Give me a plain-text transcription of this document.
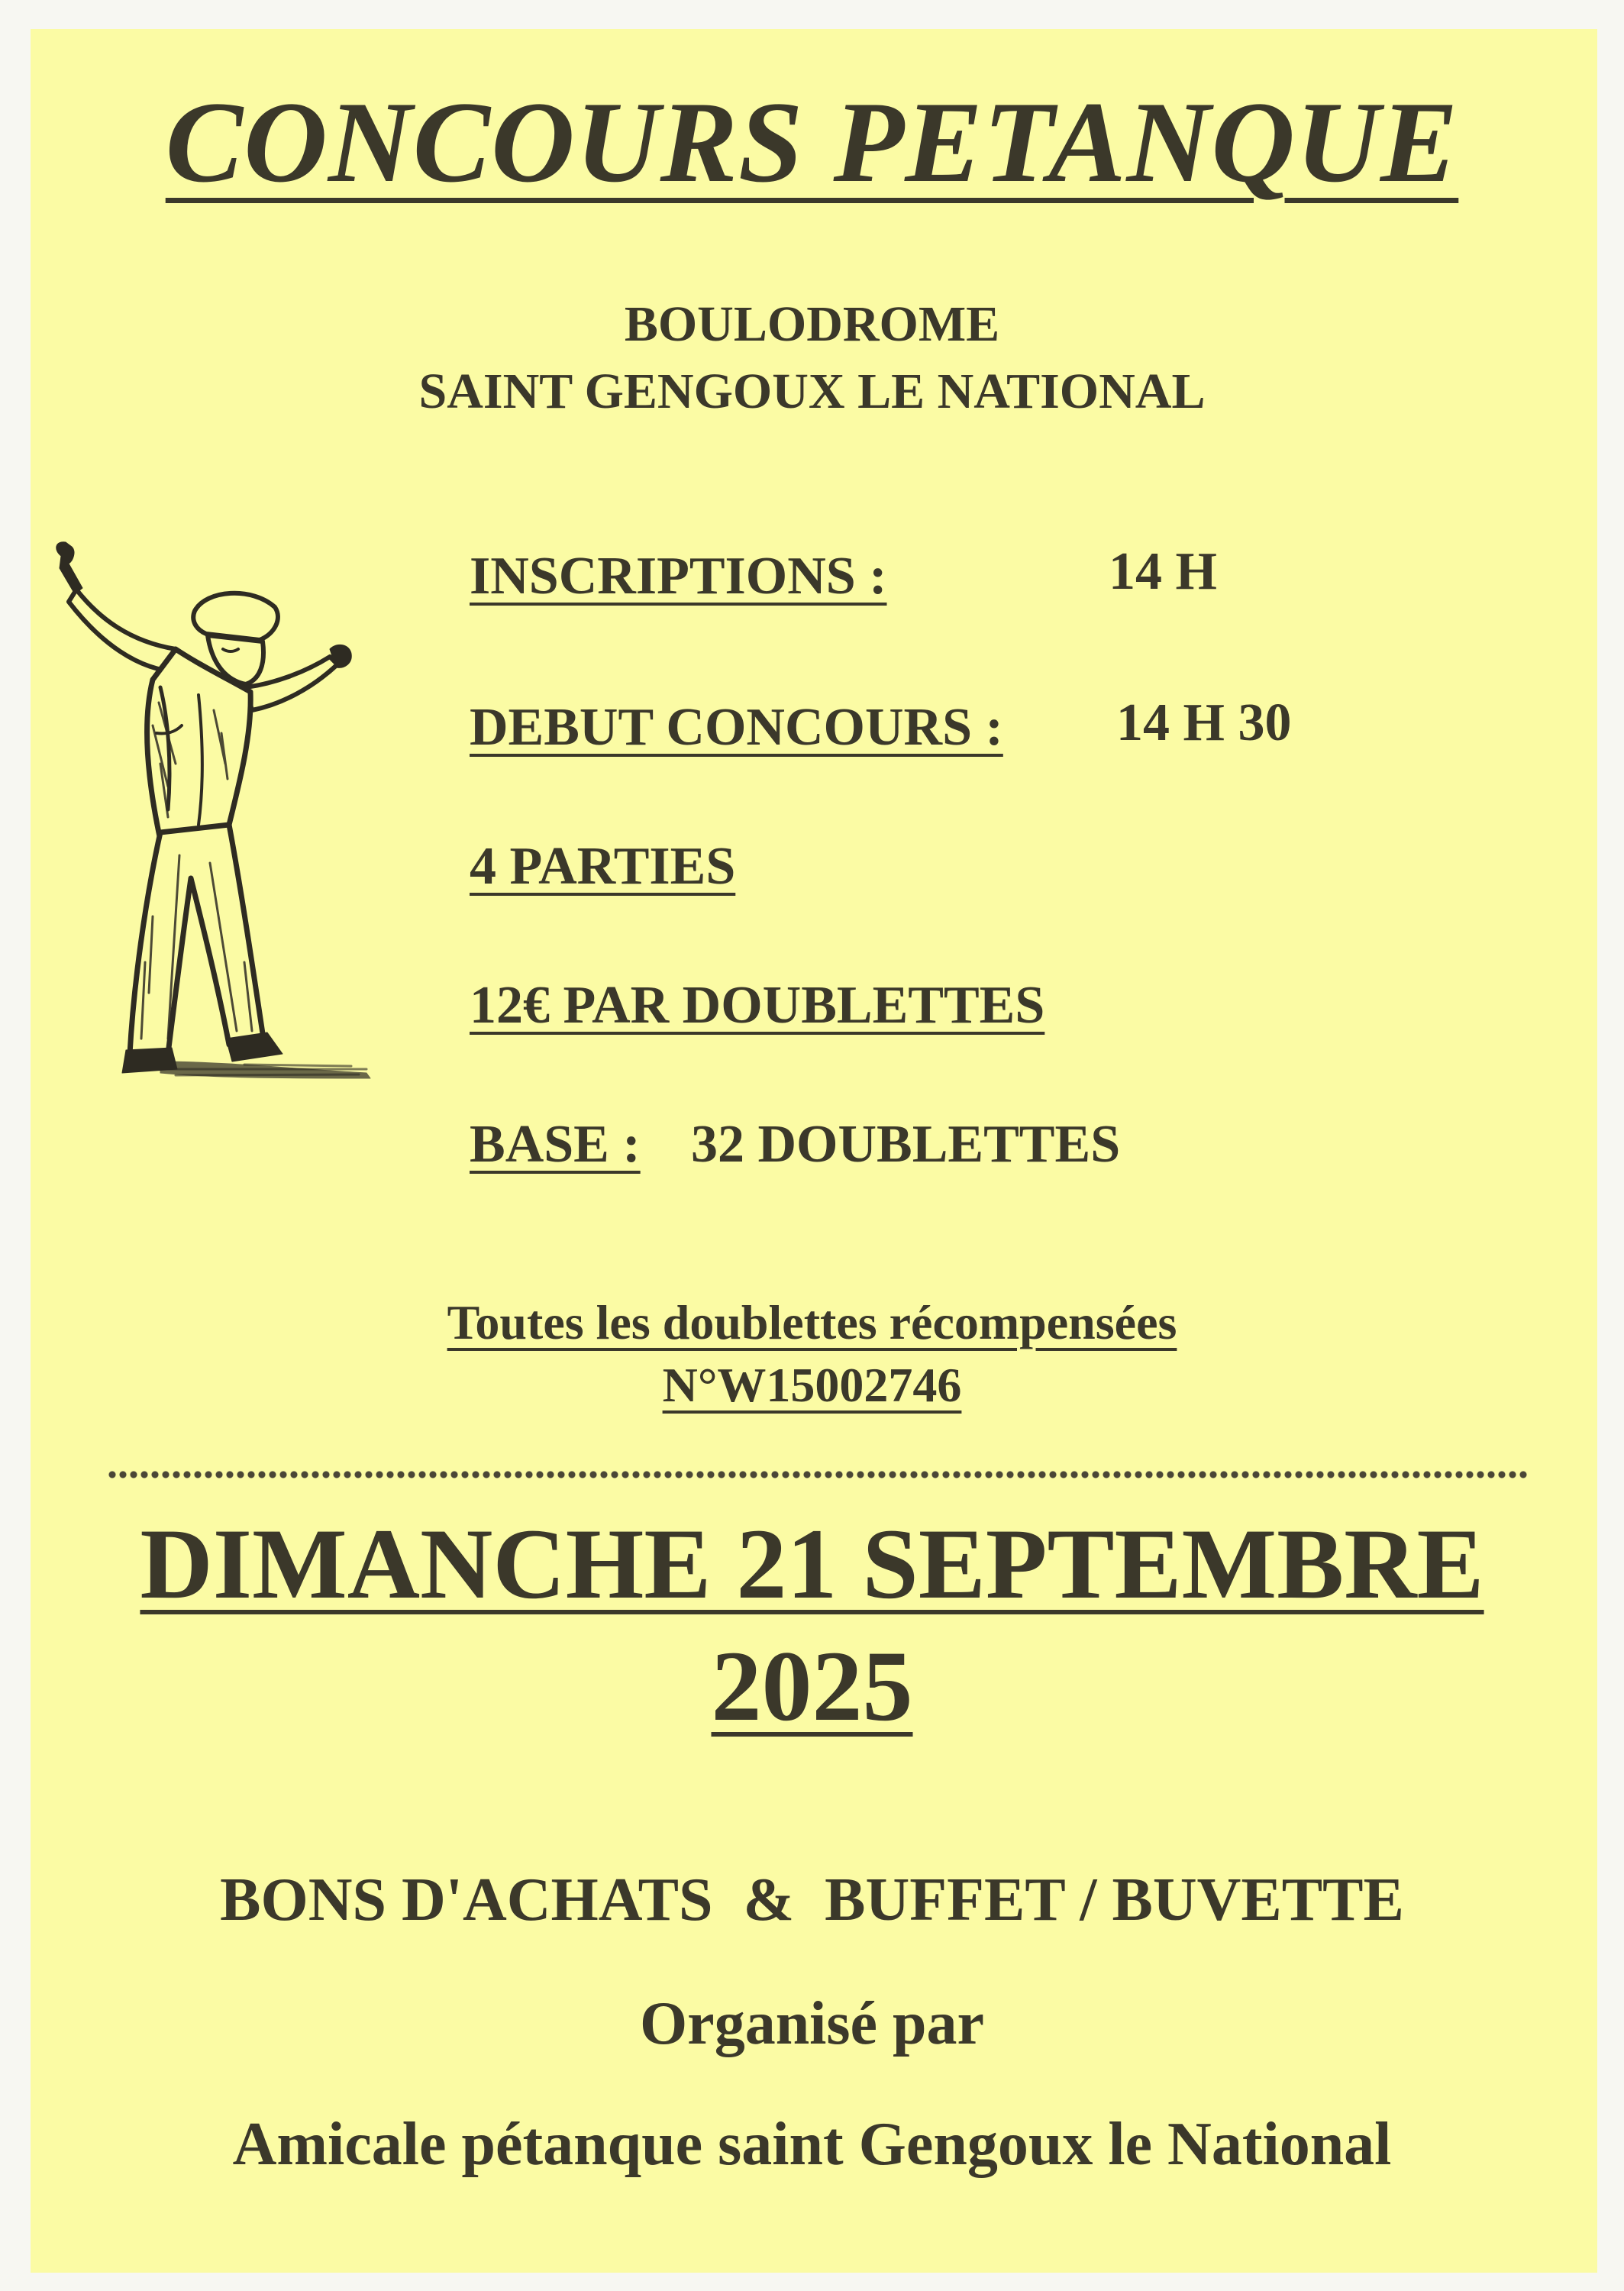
CONCOURS PETANQUE
BOULODROME
SAINT GENGOUX LE NATIONAL
INSCRIPTIONS :	14 H
DEBUT CONCOURS : 14 H 30
4 PARTIES
12€ PAR DOUBLETTES
BASE : 32 DOUBLETTES
Toutes les doublettes récompensées
N°W15002746
DIMANCHE 21 SEPTEMBRE
2025
BONS D'ACHATS  &  BUFFET / BUVETTE
Organisé par
Amicale pétanque saint Gengoux le National
